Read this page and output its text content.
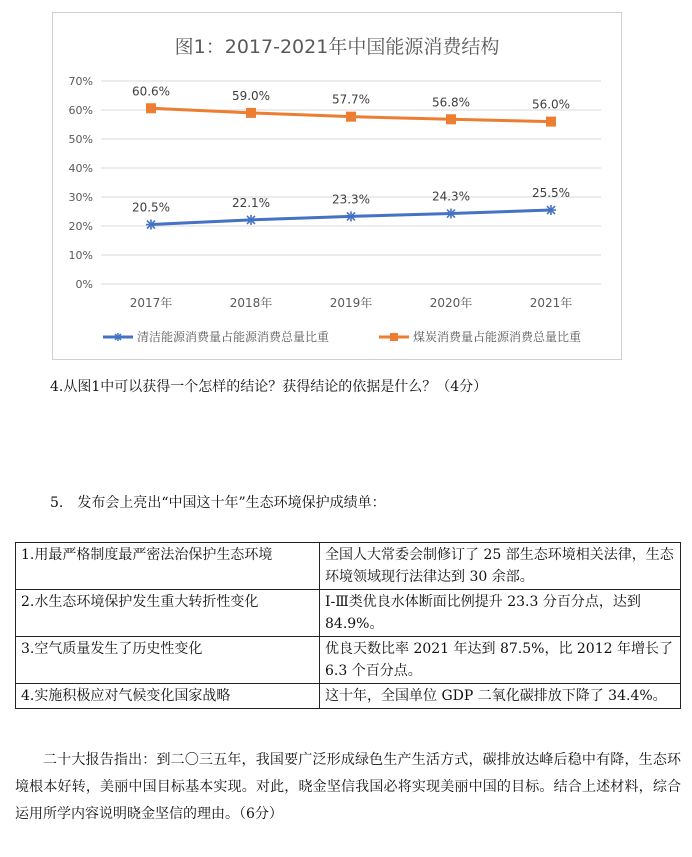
图1：2017-2021年中国能源消费结构
0%
10%
20%
30%
40%
50%
60%
70%
2017年	2018年	2019年	2020年	2021年
20.5%	22.1%	23.3%	24.3%	25.5%
60.6%	59.0%	57.7%	56.8%	56.0%
清洁能源消费量占能源消费总量比重	煤炭消费量占能源消费总量比重
4.从图1中可以获得一个怎样的结论？获得结论的依据是什么？（4分）
5.　发布会上亮出“中国这十年”生态环境保护成绩单：
1.用最严格制度最严密法治保护生态环境	全国人大常委会制修订了 25 部生态环境相关法律，生态环境领域现行法律达到 30 余部。
2.水生态环境保护发生重大转折性变化	Ⅰ-Ⅲ类优良水体断面比例提升 23.3 分百分点，达到 84.9%。
3.空气质量发生了历史性变化	优良天数比率 2021 年达到 87.5%，比 2012 年增长了 6.3 个百分点。
4.实施积极应对气候变化国家战略	这十年，全国单位 GDP 二氧化碳排放下降了 34.4%。
二十大报告指出：到二〇三五年，我国要广泛形成绿色生产生活方式，碳排放达峰后稳中有降，生态环境根本好转，美丽中国目标基本实现。对此，晓金坚信我国必将实现美丽中国的目标。结合上述材料，综合运用所学内容说明晓金坚信的理由。（6分）
